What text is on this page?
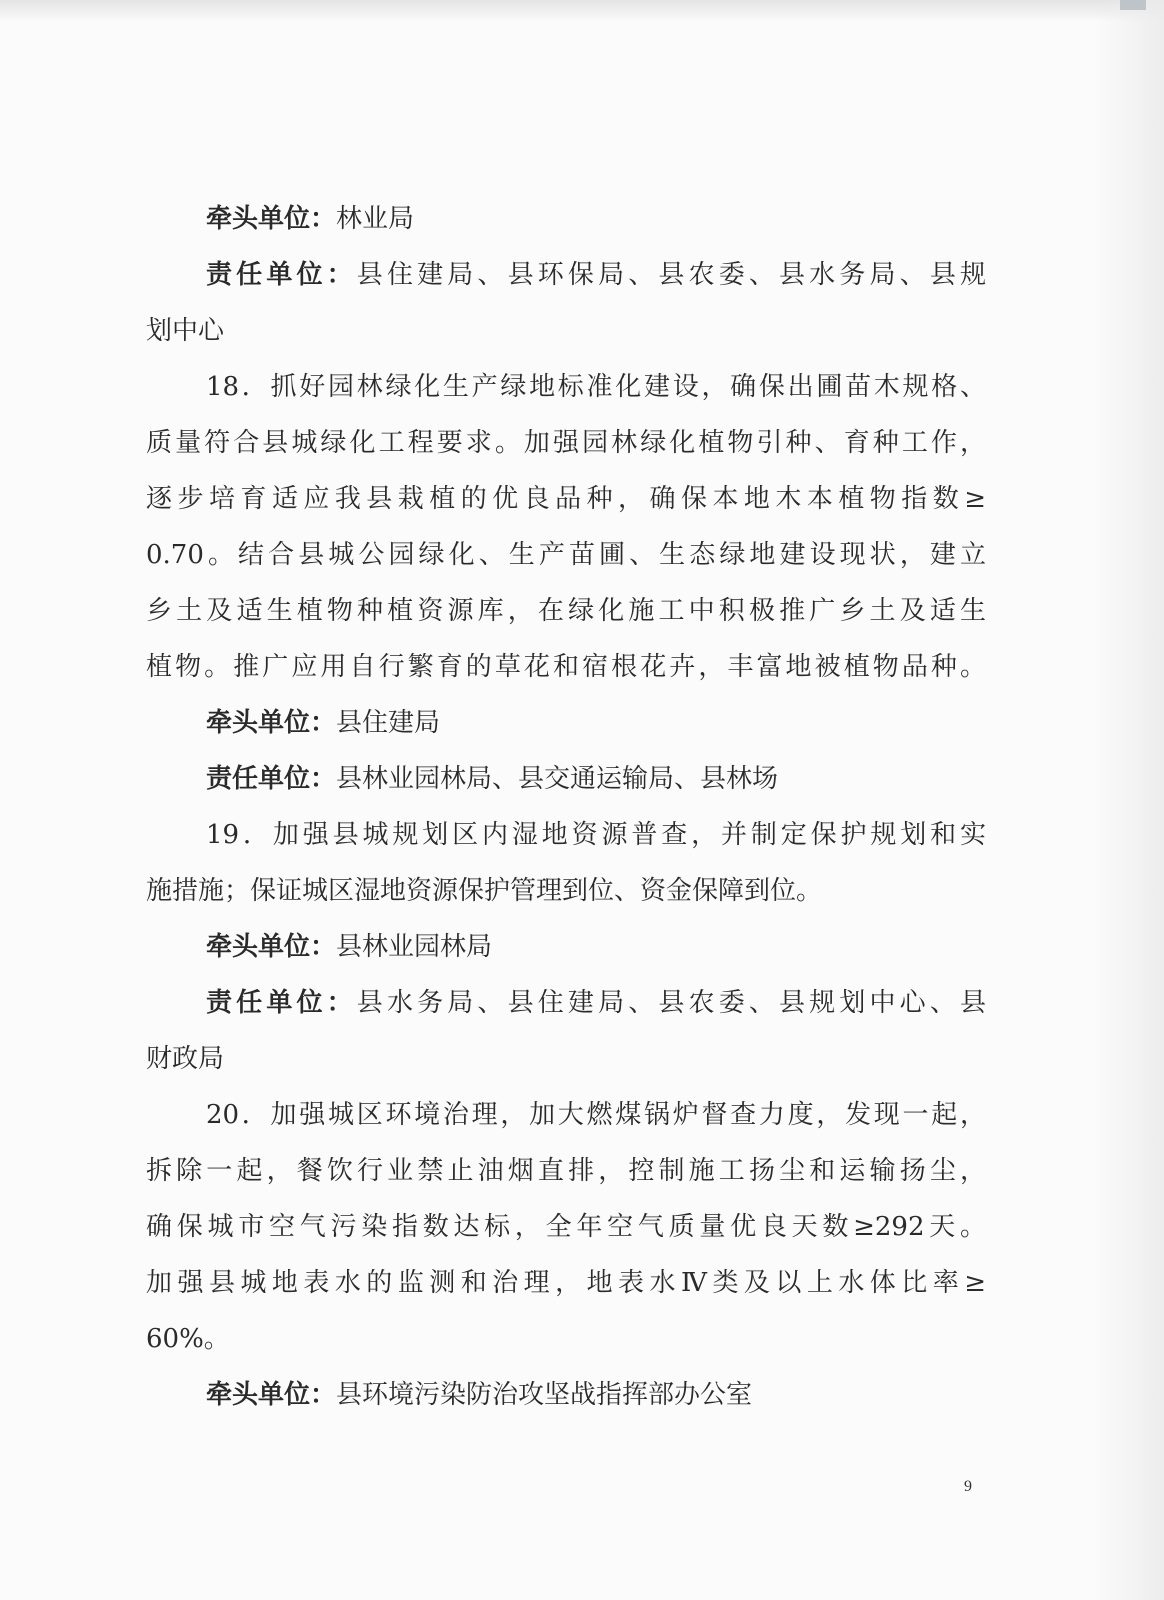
牵头单位：林业局
责任单位：县住建局、县环保局、县农委、县水务局、县规
划中心
18．抓好园林绿化生产绿地标准化建设，确保出圃苗木规格、
质量符合县城绿化工程要求。加强园林绿化植物引种、育种工作，
逐步培育适应我县栽植的优良品种，确保本地木本植物指数≥
0.70。结合县城公园绿化、生产苗圃、生态绿地建设现状，建立
乡土及适生植物种植资源库，在绿化施工中积极推广乡土及适生
植物。推广应用自行繁育的草花和宿根花卉，丰富地被植物品种。
牵头单位：县住建局
责任单位：县林业园林局、县交通运输局、县林场
19．加强县城规划区内湿地资源普查，并制定保护规划和实
施措施；保证城区湿地资源保护管理到位、资金保障到位。
牵头单位：县林业园林局
责任单位：县水务局、县住建局、县农委、县规划中心、县
财政局
20．加强城区环境治理，加大燃煤锅炉督查力度，发现一起，
拆除一起，餐饮行业禁止油烟直排，控制施工扬尘和运输扬尘，
确保城市空气污染指数达标，全年空气质量优良天数≥292天。
加强县城地表水的监测和治理，地表水Ⅳ类及以上水体比率≥
60%。
牵头单位：县环境污染防治攻坚战指挥部办公室
9
